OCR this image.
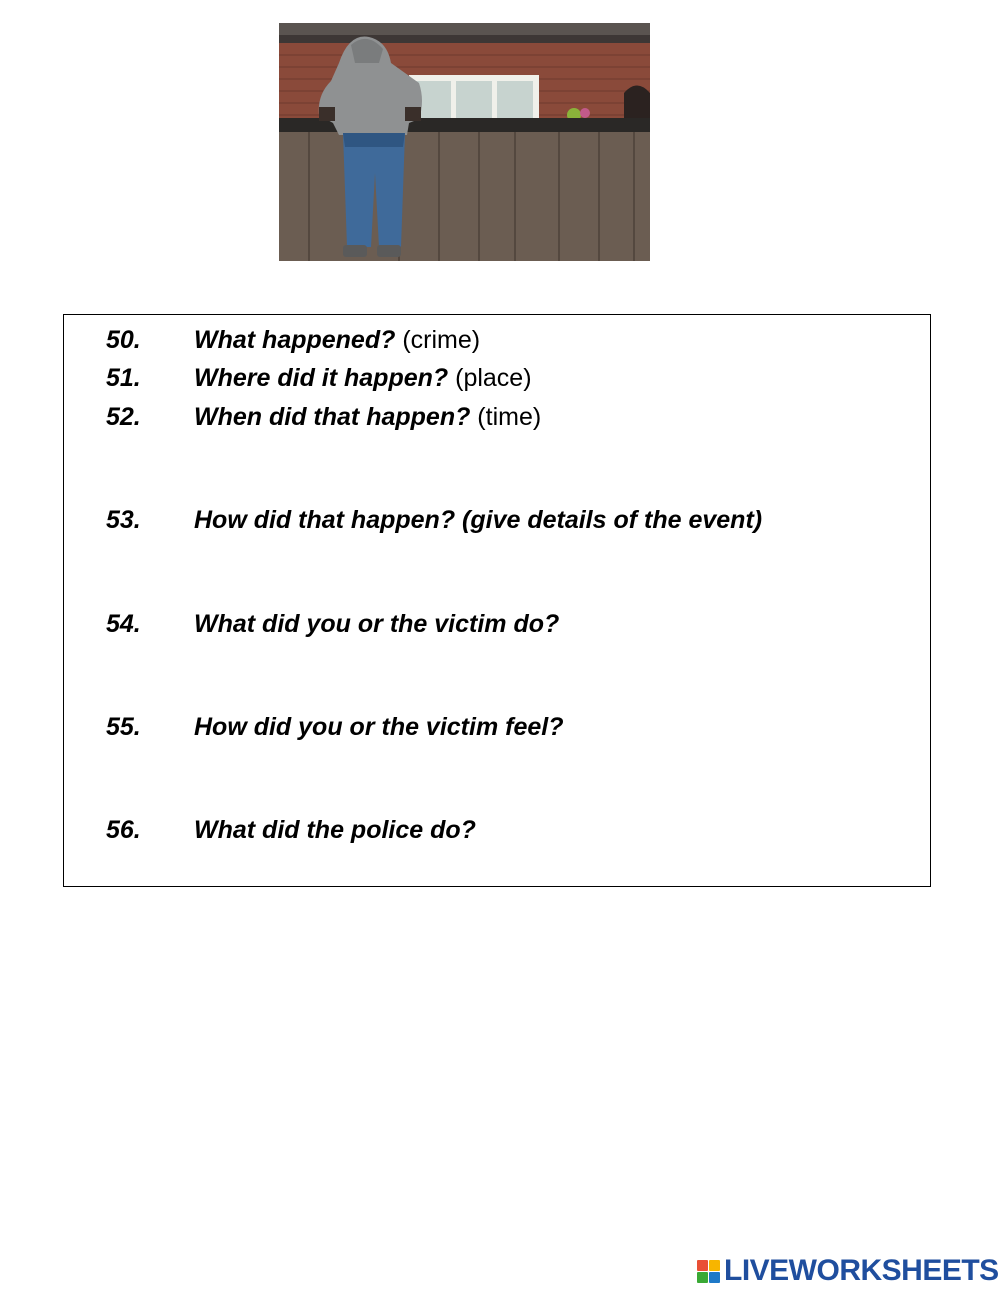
50. What happened? (crime)
51. Where did it happen? (place)
52. When did that happen? (time)
53. How did that happen? (give details of the event)
54. What did you or the victim do?
55. How did you or the victim feel?
56. What did the police do?
LIVEWORKSHEETS
